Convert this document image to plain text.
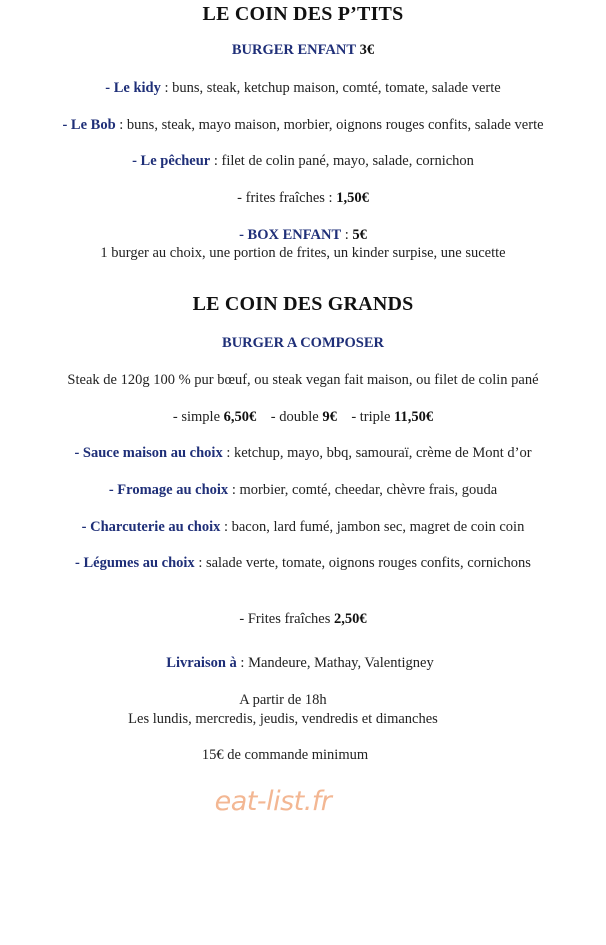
LE COIN DES P’TITS
BURGER ENFANT 3€
- Le kidy : buns, steak, ketchup maison, comté, tomate, salade verte
- Le Bob : buns, steak, mayo maison, morbier, oignons rouges confits, salade verte
- Le pêcheur : filet de colin pané, mayo, salade, cornichon
- frites fraîches : 1,50€
- BOX ENFANT : 5€
1 burger au choix, une portion de frites, un kinder surpise, une sucette
LE COIN DES GRANDS
BURGER A COMPOSER
Steak de 120g 100 % pur bœuf, ou steak vegan fait maison, ou filet de colin pané
- simple 6,50€ - double 9€ - triple 11,50€
- Sauce maison au choix : ketchup, mayo, bbq, samouraï, crème de Mont d’or
- Fromage au choix : morbier, comté, cheedar, chèvre frais, gouda
- Charcuterie au choix : bacon, lard fumé, jambon sec, magret de coin coin
- Légumes au choix : salade verte, tomate, oignons rouges confits, cornichons
- Frites fraîches 2,50€
Livraison à : Mandeure, Mathay, Valentigney
A partir de 18h
Les lundis, mercredis, jeudis, vendredis et dimanches
15€ de commande minimum
eat-list.fr
